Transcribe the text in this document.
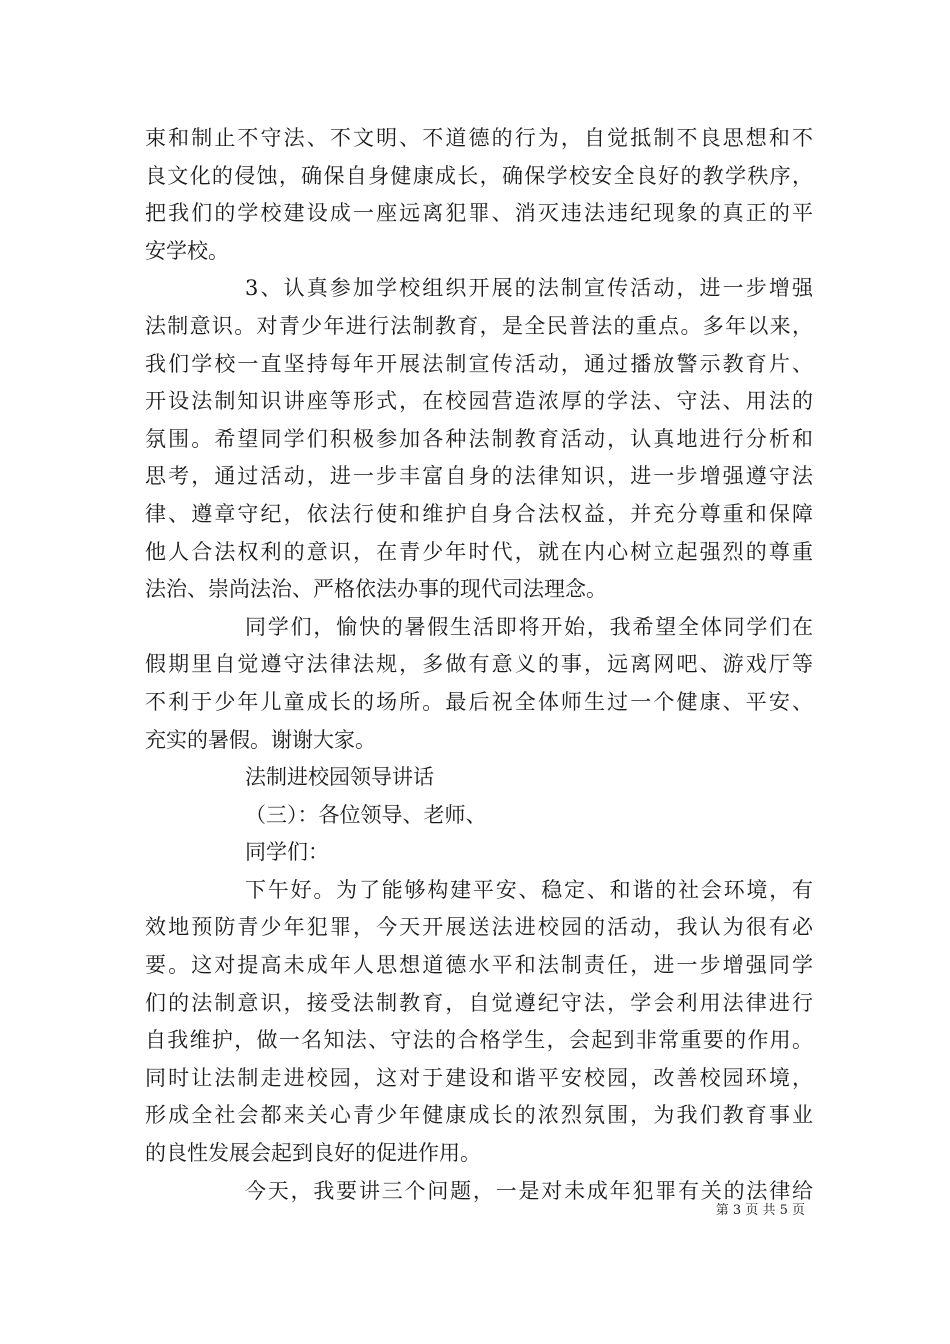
束和制止不守法、不文明、不道德的行为，自觉抵制不良思想和不
良文化的侵蚀，确保自身健康成长，确保学校安全良好的教学秩序，
把我们的学校建设成一座远离犯罪、消灭违法违纪现象的真正的平
安学校。
3、认真参加学校组织开展的法制宣传活动，进一步增强
法制意识。对青少年进行法制教育，是全民普法的重点。多年以来，
我们学校一直坚持每年开展法制宣传活动，通过播放警示教育片、
开设法制知识讲座等形式，在校园营造浓厚的学法、守法、用法的
氛围。希望同学们积极参加各种法制教育活动，认真地进行分析和
思考，通过活动，进一步丰富自身的法律知识，进一步增强遵守法
律、遵章守纪，依法行使和维护自身合法权益，并充分尊重和保障
他人合法权利的意识，在青少年时代，就在内心树立起强烈的尊重
法治、崇尚法治、严格依法办事的现代司法理念。
同学们，愉快的暑假生活即将开始，我希望全体同学们在
假期里自觉遵守法律法规，多做有意义的事，远离网吧、游戏厅等
不利于少年儿童成长的场所。最后祝全体师生过一个健康、平安、
充实的暑假。谢谢大家。
法制进校园领导讲话
（三）：各位领导、老师、
同学们：
下午好。为了能够构建平安、稳定、和谐的社会环境，有
效地预防青少年犯罪，今天开展送法进校园的活动，我认为很有必
要。这对提高未成年人思想道德水平和法制责任，进一步增强同学
们的法制意识，接受法制教育，自觉遵纪守法，学会利用法律进行
自我维护，做一名知法、守法的合格学生，会起到非常重要的作用。
同时让法制走进校园，这对于建设和谐平安校园，改善校园环境，
形成全社会都来关心青少年健康成长的浓烈氛围，为我们教育事业
的良性发展会起到良好的促进作用。
今天，我要讲三个问题，一是对未成年犯罪有关的法律给
第 3 页 共 5 页
